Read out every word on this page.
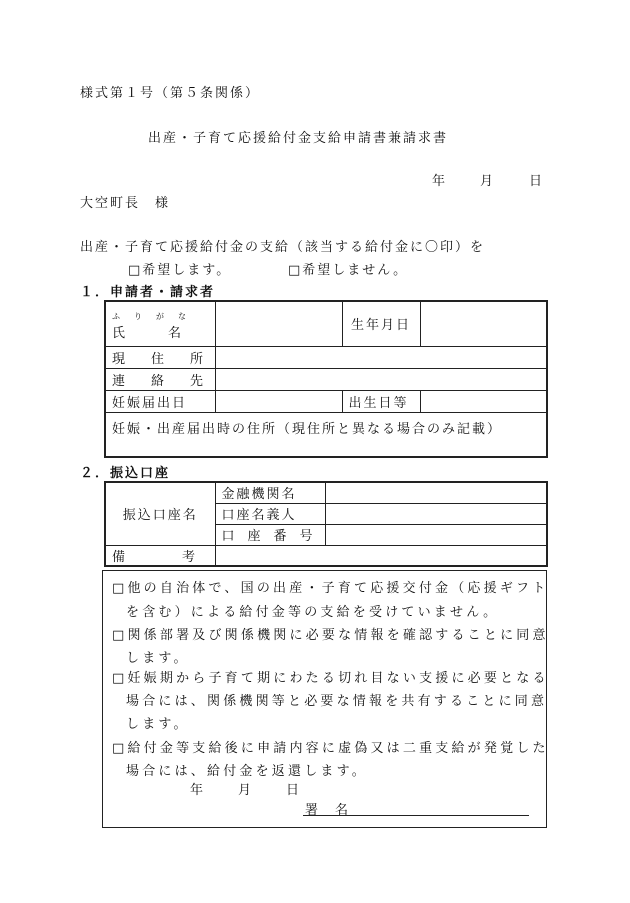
様式第１号（第５条関係）
出産・子育て応援給付金支給申請書兼請求書
年	月	日
大空町長　様
出産・子育て応援給付金の支給（該当する給付金に〇印）を
□希望します。	□希望しません。
１．申請者・請求者
ふ　り　が　な
氏　　　名		生年月日	
現　　住　　所			
連　　絡　　先			
妊娠届出日		出生日等	
妊娠・出産届出時の住所（現住所と異なる場合のみ記載）			
２．振込口座
振込口座名	金融機関名	
	口座名義人	
	口　座　番　号	
備　　　　考		
□他の自治体で、国の出産・子育て応援交付金（応援ギフト
を含む）による給付金等の支給を受けていません。
□関係部署及び関係機関に必要な情報を確認することに同意
します。
□妊娠期から子育て期にわたる切れ目ない支援に必要となる
場合には、関係機関等と必要な情報を共有することに同意
します。
□給付金等支給後に申請内容に虚偽又は二重支給が発覚した
場合には、給付金を返還します。
年	月	日
署　名
